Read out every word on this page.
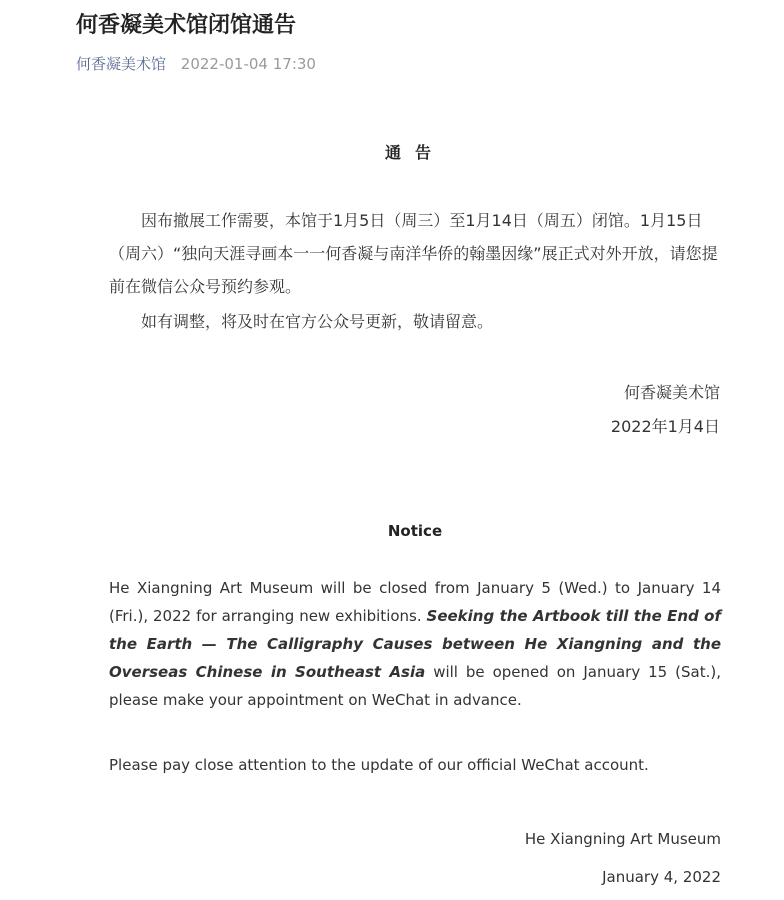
何香凝美术馆闭馆通告
何香凝美术馆 2022-01-04 17:30
通告

因布撤展工作需要，本馆于1月5日（周三）至1月14日（周五）闭馆。1月15日（周六）“独向天涯寻画本一一何香凝与南洋华侨的翰墨因缘”展正式对外开放，请您提前在微信公众号预约参观。

如有调整，将及时在官方公众号更新，敬请留意。

何香凝美术馆
2022年1月4日
Notice

He Xiangning Art Museum will be closed from January 5 (Wed.) to January 14 (Fri.), 2022 for arranging new exhibitions. Seeking the Artbook till the End of the Earth — The Calligraphy Causes between He Xiangning and the Overseas Chinese in Southeast Asia will be opened on January 15 (Sat.), please make your appointment on WeChat in advance.

Please pay close attention to the update of our official WeChat account.

He Xiangning Art Museum
January 4, 2022
